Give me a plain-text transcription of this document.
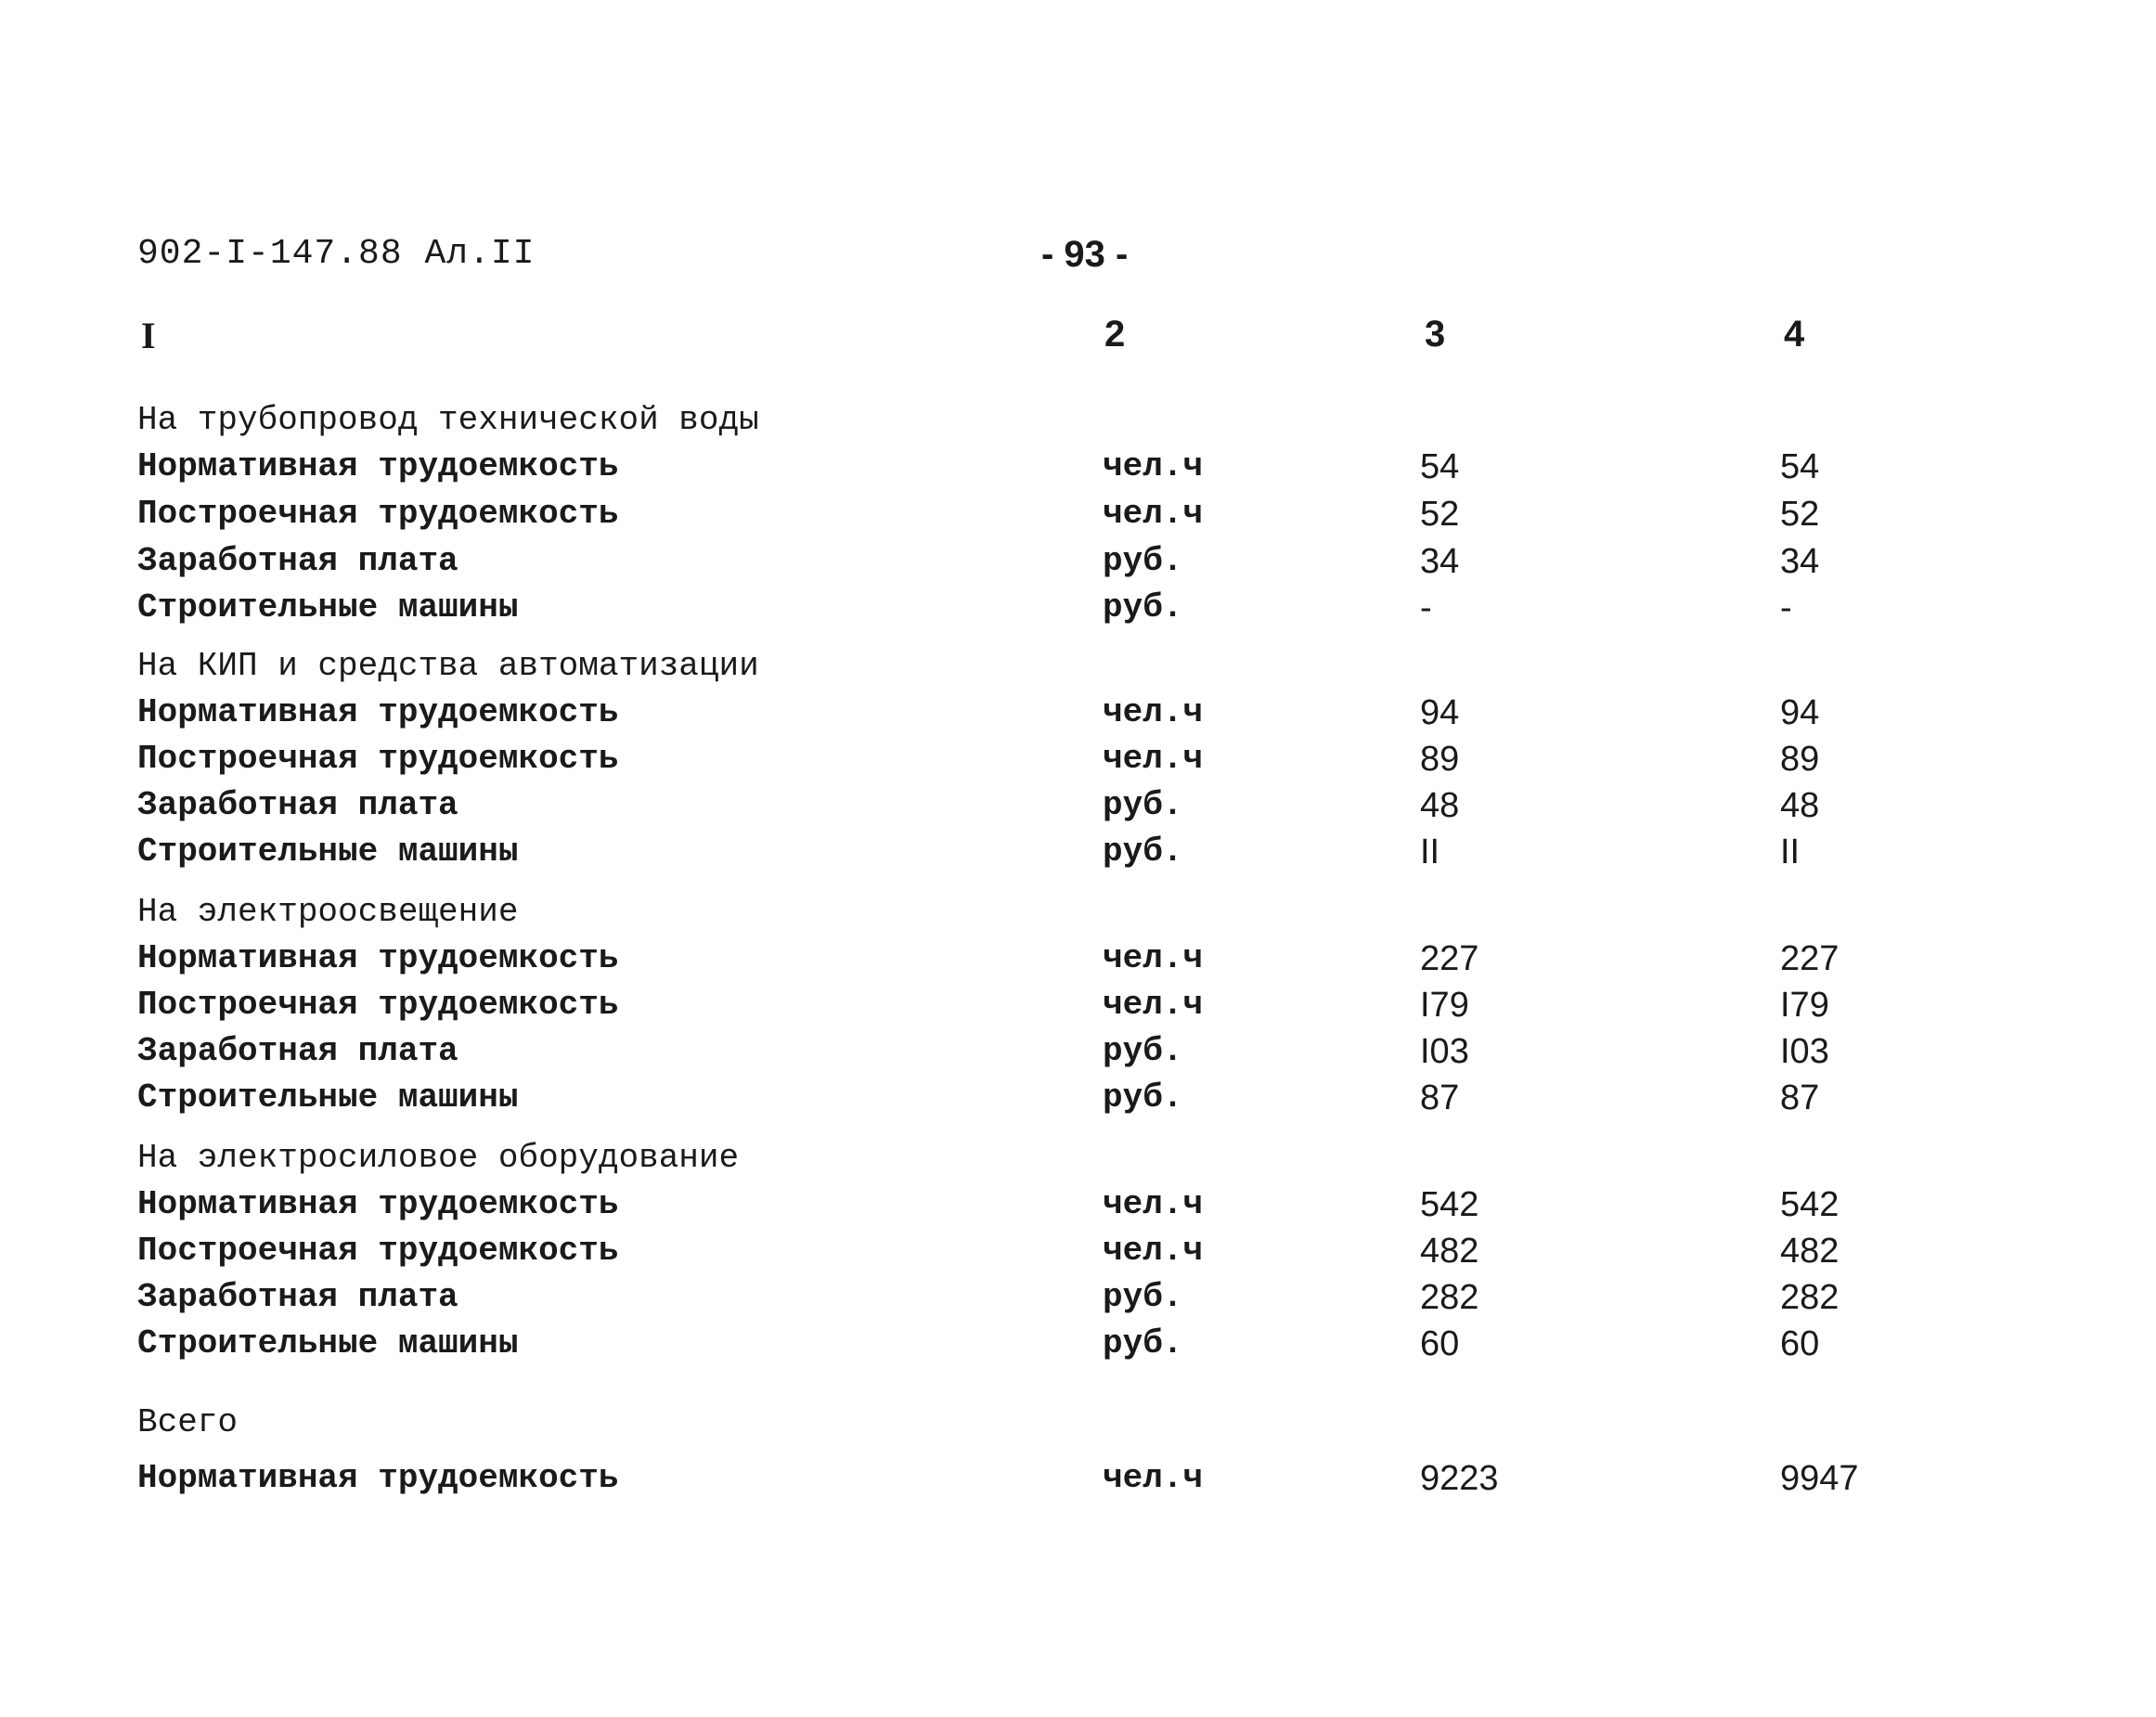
902-I-147.88 Ал.II	- 93 -
I	2	3	4
На трубопровод технической воды
Нормативная трудоемкость	чел.ч	54	54
Построечная трудоемкость	чел.ч	52	52
Заработная плата	руб.	34	34
Строительные машины	руб.	-	-
На КИП и средства автоматизации
Нормативная трудоемкость	чел.ч	94	94
Построечная трудоемкость	чел.ч	89	89
Заработная плата	руб.	48	48
Строительные машины	руб.	II	II
На электроосвещение
Нормативная трудоемкость	чел.ч	227	227
Построечная трудоемкость	чел.ч	I79	I79
Заработная плата	руб.	I03	I03
Строительные машины	руб.	87	87
На электросиловое оборудование
Нормативная трудоемкость	чел.ч	542	542
Построечная трудоемкость	чел.ч	482	482
Заработная плата	руб.	282	282
Строительные машины	руб.	60	60
Всего
Нормативная трудоемкость	чел.ч	9223	9947
